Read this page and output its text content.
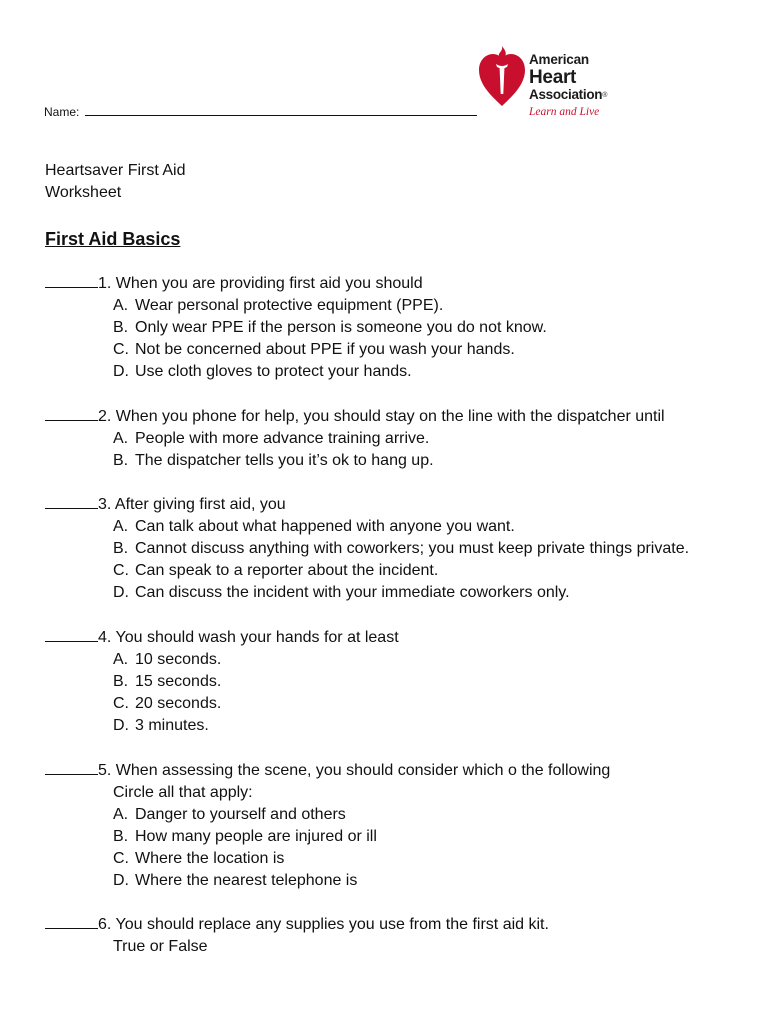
Name:
American
Heart
Association®
Learn and Live
Heartsaver First Aid
Worksheet
First Aid Basics
1. When you are providing first aid you should
A. Wear personal protective equipment (PPE).
B. Only wear PPE if the person is someone you do not know.
C. Not be concerned about PPE if you wash your hands.
D. Use cloth gloves to protect your hands.
2. When you phone for help, you should stay on the line with the dispatcher until
A. People with more advance training arrive.
B. The dispatcher tells you it’s ok to hang up.
3. After giving first aid, you
A. Can talk about what happened with anyone you want.
B. Cannot discuss anything with coworkers; you must keep private things private.
C. Can speak to a reporter about the incident.
D. Can discuss the incident with your immediate coworkers only.
4. You should wash your hands for at least
A. 10 seconds.
B. 15 seconds.
C. 20 seconds.
D. 3 minutes.
5. When assessing the scene, you should consider which o the following
Circle all that apply:
A. Danger to yourself and others
B. How many people are injured or ill
C. Where the location is
D. Where the nearest telephone is
6. You should replace any supplies you use from the first aid kit.
True or False
